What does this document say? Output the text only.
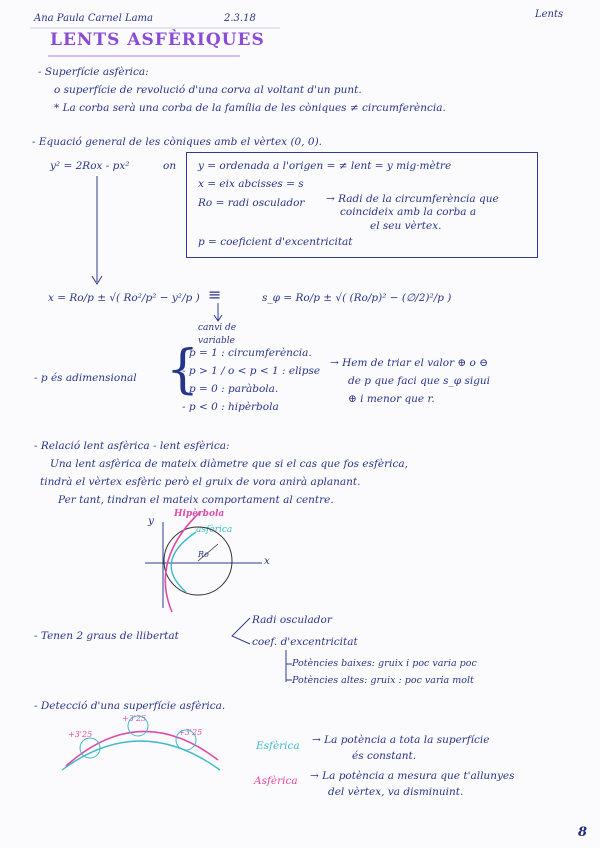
Ana Paula Carnel Lama	2.3.18	Lents
LENTS ASFÈRIQUES
- Superfície asfèrica:
o superfície de revolució d'una corva al voltant d'un punt.
* La corba serà una corba de la família de les còniques ≠ circumferència.
- Equació general de les còniques amb el vèrtex (0, 0).
y² = 2Rox - px²	on y = ordenada a l'origen = ≠ lent = y mig·mètre
x = eix abcisses = s
Ro = radi osculador → Radi de la circumferència que
coincideix amb la corba a
el seu vèrtex.
p = coeficient d'excentricitat
x = Ro/p ± √( Ro²/p² − y²/p ) ≡	s_φ = Ro/p ± √( (Ro/p)² − (∅/2)²/p )
canvi de variable
- p és adimensional {
- p = 1 : circumferència.
- p > 1 / o < p < 1 : elipse
- p = 0 : paràbola.
- p < 0 : hipèrbola
→ Hem de triar el valor ⊕ o ⊖
de p que faci que s_φ sigui
⊕ i menor que r.
- Relació lent asfèrica - lent esfèrica:
Una lent asfèrica de mateix diàmetre que si el cas que fos esfèrica,
tindrà el vèrtex esfèric però el gruix de vora anirà aplanant.
Per tant, tindran el mateix comportament al centre.
Hipèrbola
asfèrica
y
x
Ro
- Tenen 2 graus de llibertat
Radi osculador
coef. d'excentricitat
Potències baixes: gruix i poc varia poc
Potències altes: gruix : poc varia molt
- Detecció d'una superfície asfèrica.
+3'25
+3'25
+3'25
Esfèrica → La potència a tota la superfície
és constant.
Asfèrica → La potència a mesura que t'allunyes
del vèrtex, va disminuint.
8
